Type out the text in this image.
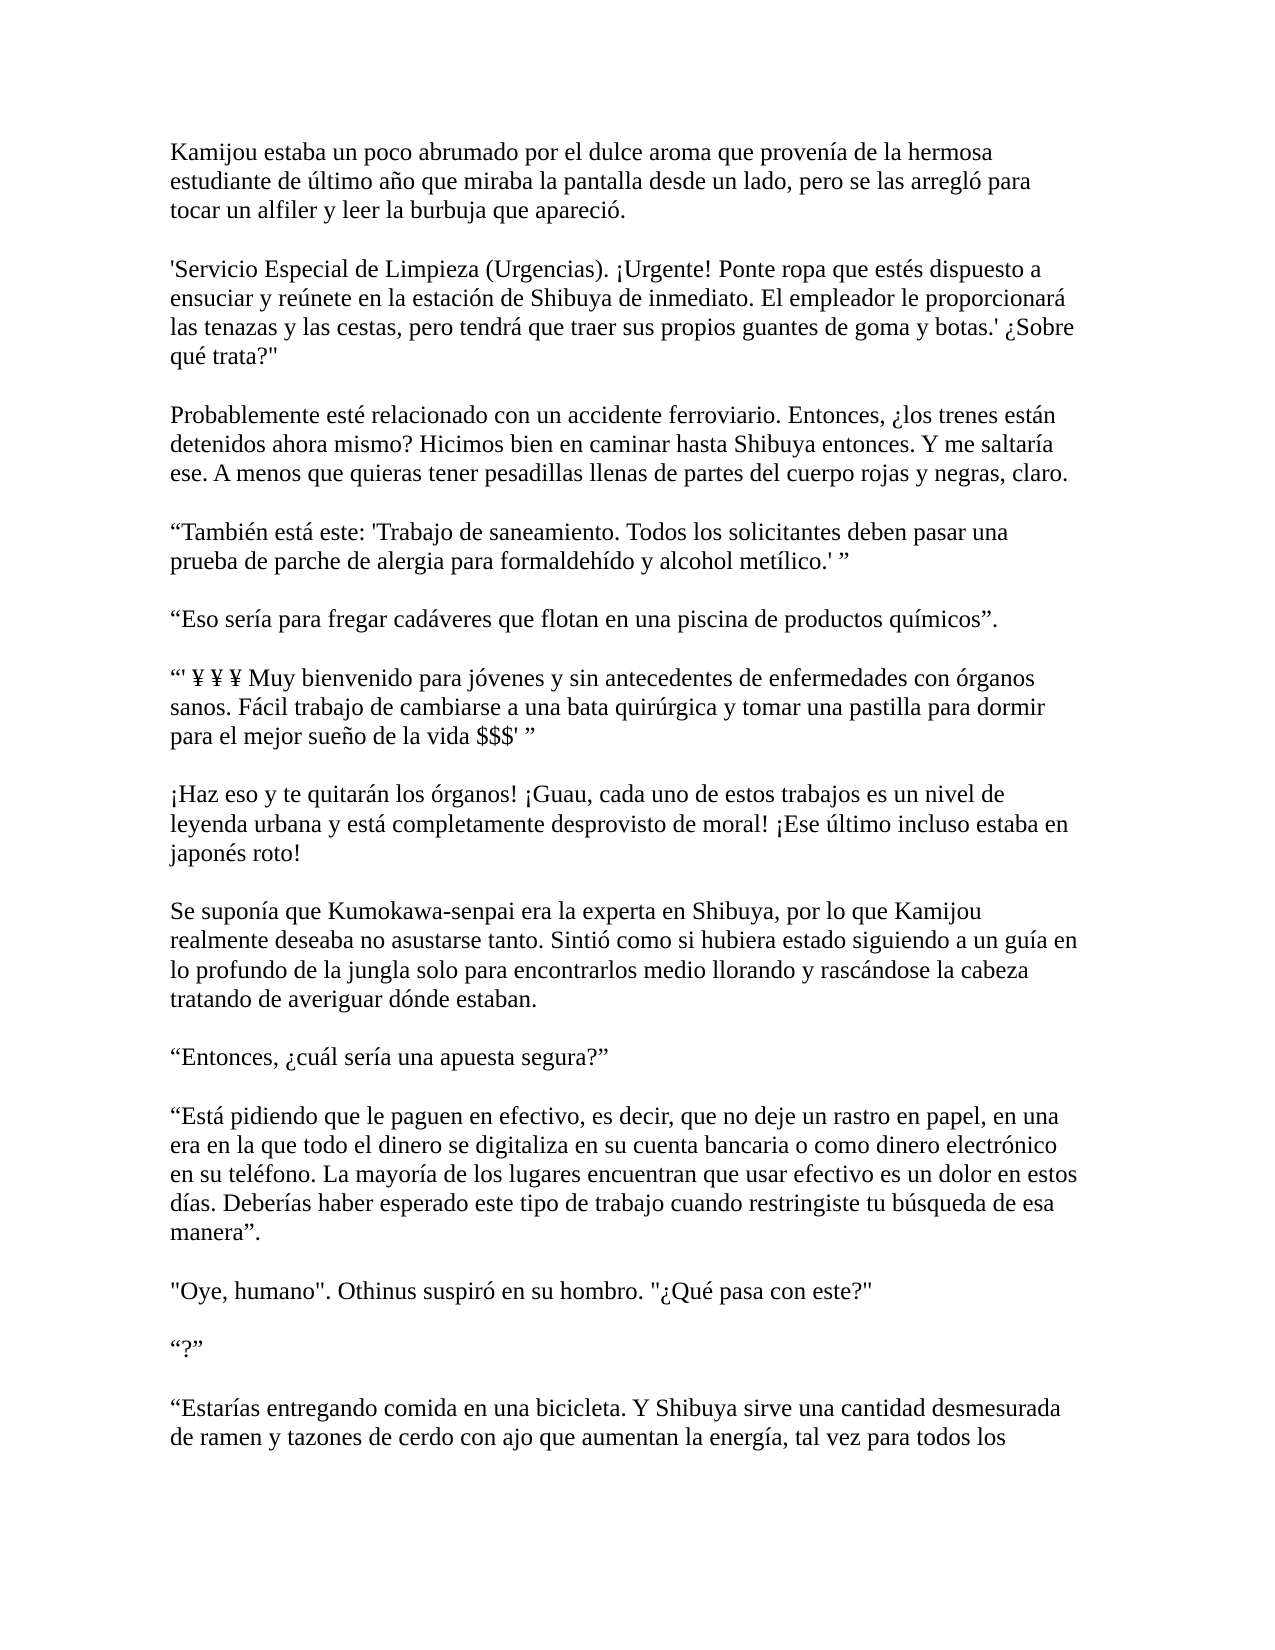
Kamijou estaba un poco abrumado por el dulce aroma que provenía de la hermosa estudiante de último año que miraba la pantalla desde un lado, pero se las arregló para tocar un alfiler y leer la burbuja que apareció.

'Servicio Especial de Limpieza (Urgencias). ¡Urgente! Ponte ropa que estés dispuesto a ensuciar y reúnete en la estación de Shibuya de inmediato. El empleador le proporcionará las tenazas y las cestas, pero tendrá que traer sus propios guantes de goma y botas.' ¿Sobre qué trata?"

Probablemente esté relacionado con un accidente ferroviario. Entonces, ¿los trenes están detenidos ahora mismo? Hicimos bien en caminar hasta Shibuya entonces. Y me saltaría ese. A menos que quieras tener pesadillas llenas de partes del cuerpo rojas y negras, claro.

“También está este: 'Trabajo de saneamiento. Todos los solicitantes deben pasar una prueba de parche de alergia para formaldehído y alcohol metílico.' ”

“Eso sería para fregar cadáveres que flotan en una piscina de productos químicos”.

“' ¥ ¥ ¥ Muy bienvenido para jóvenes y sin antecedentes de enfermedades con órganos sanos. Fácil trabajo de cambiarse a una bata quirúrgica y tomar una pastilla para dormir para el mejor sueño de la vida $$$' ”

¡Haz eso y te quitarán los órganos! ¡Guau, cada uno de estos trabajos es un nivel de leyenda urbana y está completamente desprovisto de moral! ¡Ese último incluso estaba en japonés roto!

Se suponía que Kumokawa-senpai era la experta en Shibuya, por lo que Kamijou realmente deseaba no asustarse tanto. Sintió como si hubiera estado siguiendo a un guía en lo profundo de la jungla solo para encontrarlos medio llorando y rascándose la cabeza tratando de averiguar dónde estaban.

“Entonces, ¿cuál sería una apuesta segura?”

“Está pidiendo que le paguen en efectivo, es decir, que no deje un rastro en papel, en una era en la que todo el dinero se digitaliza en su cuenta bancaria o como dinero electrónico en su teléfono. La mayoría de los lugares encuentran que usar efectivo es un dolor en estos días. Deberías haber esperado este tipo de trabajo cuando restringiste tu búsqueda de esa manera”.

"Oye, humano". Othinus suspiró en su hombro. "¿Qué pasa con este?"

“?”

“Estarías entregando comida en una bicicleta. Y Shibuya sirve una cantidad desmesurada de ramen y tazones de cerdo con ajo que aumentan la energía, tal vez para todos los
